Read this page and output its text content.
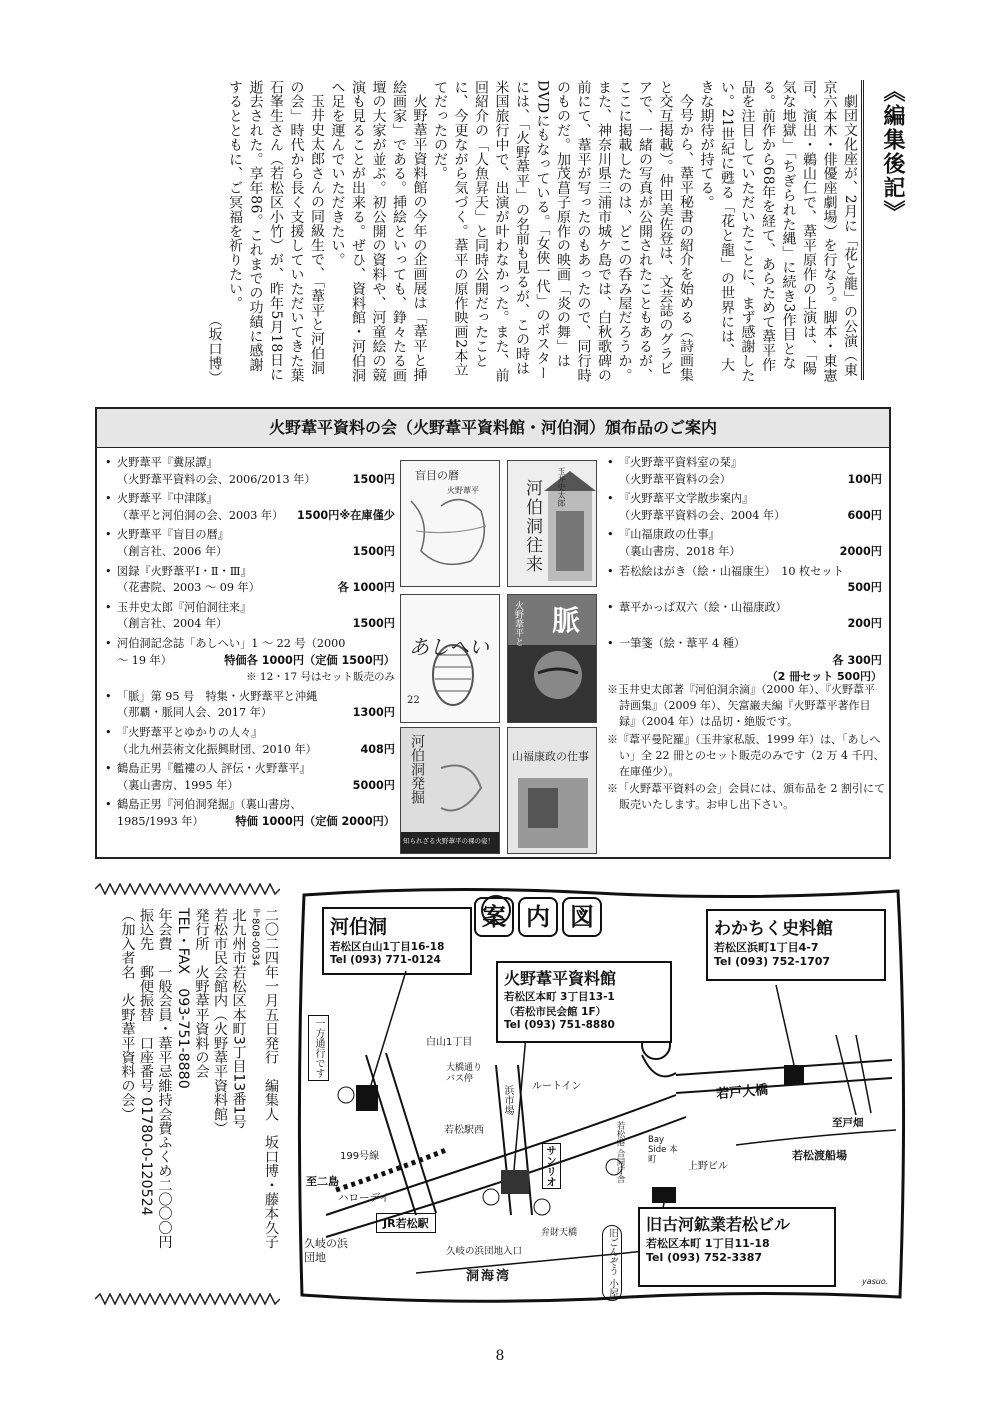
《編集後記》

劇団文化座が、2月に「花と龍」の公演（東京六本木・俳優座劇場）を行なう。脚本・東憲司、演出・鵜山仁で、葦平原作の上演は、「陽気な地獄」「ちぎられた縄」に続き3作目となる。前作から68年を経て、あらためて葦平作品を注目していただいたことに、まず感謝したい。21世紀に甦る「花と龍」の世界には、大きな期待が持てる。

今号から、葦平秘書の紹介を始める（詩画集と交互掲載）。仲田美佐登は、文芸誌のグラビアで、一緒の写真が公開されたこともあるが、ここに掲載したのは、どこの呑み屋だろうか。また、神奈川県三浦市城ケ島では、白秋歌碑の前にて、葦平が写ったのもあったので、同行時のものだ。加茂菖子原作の映画「炎の舞」はDVDにもなっている。「女俠一代」のポスターには、「火野葦平」の名前も見るが、この時は米国旅行中で、出演が叶わなかった。また、前回紹介の「人魚昇天」と同時公開だったことに、今更ながら気づく。葦平の原作映画2本立てだったのだ。

火野葦平資料館の今年の企画展は「葦平と挿絵画家」である。挿絵といっても、錚々たる画壇の大家が並ぶ。初公開の資料や、河童絵の競演も見ることが出来る。ぜひ、資料館・河伯洞へ足を運んでいただきたい。

玉井史太郎さんの同級生で、「葦平と河伯洞の会」時代から長く支援していただいてきた葉石峯生さん（若松区小竹）が、昨年5月18日に逝去された。享年86。これまでの功績に感謝するとともに、ご冥福を祈りたい。

（坂口博）

火野葦平資料の会（火野葦平資料館・河伯洞）頒布品のご案内
• 火野葦平『糞尿譚』
（火野葦平資料の会、2006/2013 年）	1500円
• 火野葦平『中津隊』
（葦平と河伯洞の会、2003 年） 1500円※在庫僅少
• 火野葦平『盲目の暦』
（創言社、2006 年）	1500円
• 図録『火野葦平Ⅰ・Ⅱ・Ⅲ』
（花書院、2003 ～ 09 年）	各 1000円
• 玉井史太郎『河伯洞往来』
（創言社、2004 年）	1500円
• 河伯洞記念誌「あしへい」1 ～ 22 号（2000
～ 19 年）	特価各 1000円（定価 1500円）
※ 12・17 号はセット販売のみ
• 「脈」第 95 号　特集・火野葦平と沖縄
（那覇・脈同人会、2017 年）	1300円
• 『火野葦平とゆかりの人々』
（北九州芸術文化振興財団、2010 年）	408円
• 鶴島正男『艦褸の人 評伝・火野葦平』
（裏山書房、1995 年）	5000円
• 鶴島正男『河伯洞発掘』（裏山書房、
1985/1993 年）	特価 1000円（定価 2000円）
• 『火野葦平資料室の栞』
（火野葦平資料の会）	100円
• 『火野葦平文学散歩案内』
（火野葦平資料の会、2004 年）	600円
• 『山福康政の仕事』
（裏山書房、2018 年）	2000円
• 若松絵はがき（絵・山福康生）　10 枚セット
500円
• 葦平かっぱ双六（絵・山福康政）
200円
• 一筆箋（絵・葦平 4 種）
各 300円
（2 冊セット 500円）
盲目の暦
火野葦平	河伯洞往来	玉井史太郎
あしへい
22
脈
火野葦平と
河伯洞発掘
知られざる火野葦平の裸の姿！
山福康政の仕事

※玉井史太郎著『河伯洞余滴』（2000 年）、『火野葦平詩画集』（2009 年）、矢富巌夫編『火野葦平著作目録』（2004 年）は品切・絶版です。

※『葦平曼陀羅』（玉井家私版、1999 年）は、「あしへい」全 22 冊とのセット販売のみです（2 万 4 千円、在庫僅少）。

※「火野葦平資料の会」会員には、頒布品を 2 割引にて販売いたします。お申し出下さい。

二〇二四年一月五日発行　編集人　坂口博・藤本久子
〒808-0034
北九州市若松区本町3丁目13番1号
若松市民会館内（火野葦平資料館）
発行所　火野葦平資料の会
TEL・FAX　093-751-8880
年会費　一般会員・葦平忌維持会費ふくめ二〇〇〇円
振込先　郵便振替　口座番号 01780-0-120524
（加入者名　火野葦平資料の会）	案 内 図
河伯洞
若松区白山1丁目16-18
Tel (093) 771-0124
わかちく史料館
若松区浜町1丁目4-7
Tel (093) 752-1707
火野葦平資料館
若松区本町 3丁目13-1
（若松市民会館 1F）
Tel (093) 751-8880
旧古河鉱業若松ビル
若松区本町 1丁目11-18
Tel (093) 752-3387
白山1丁目
一方通行です	大橋通り バス停
浜市場
若松駅西
199号線
至二島
ハローデイ
JR若松駅
久岐の浜 団地	久岐の浜団地入口
洞海湾
弁財天橋	旧ごんぞう 小屋
若戸大橋
至戸畑
若松渡船場
上野ビル
ルートイン
サンリオ
Bay Side 本町
若松港 合同庁舎
yasuo.
8
